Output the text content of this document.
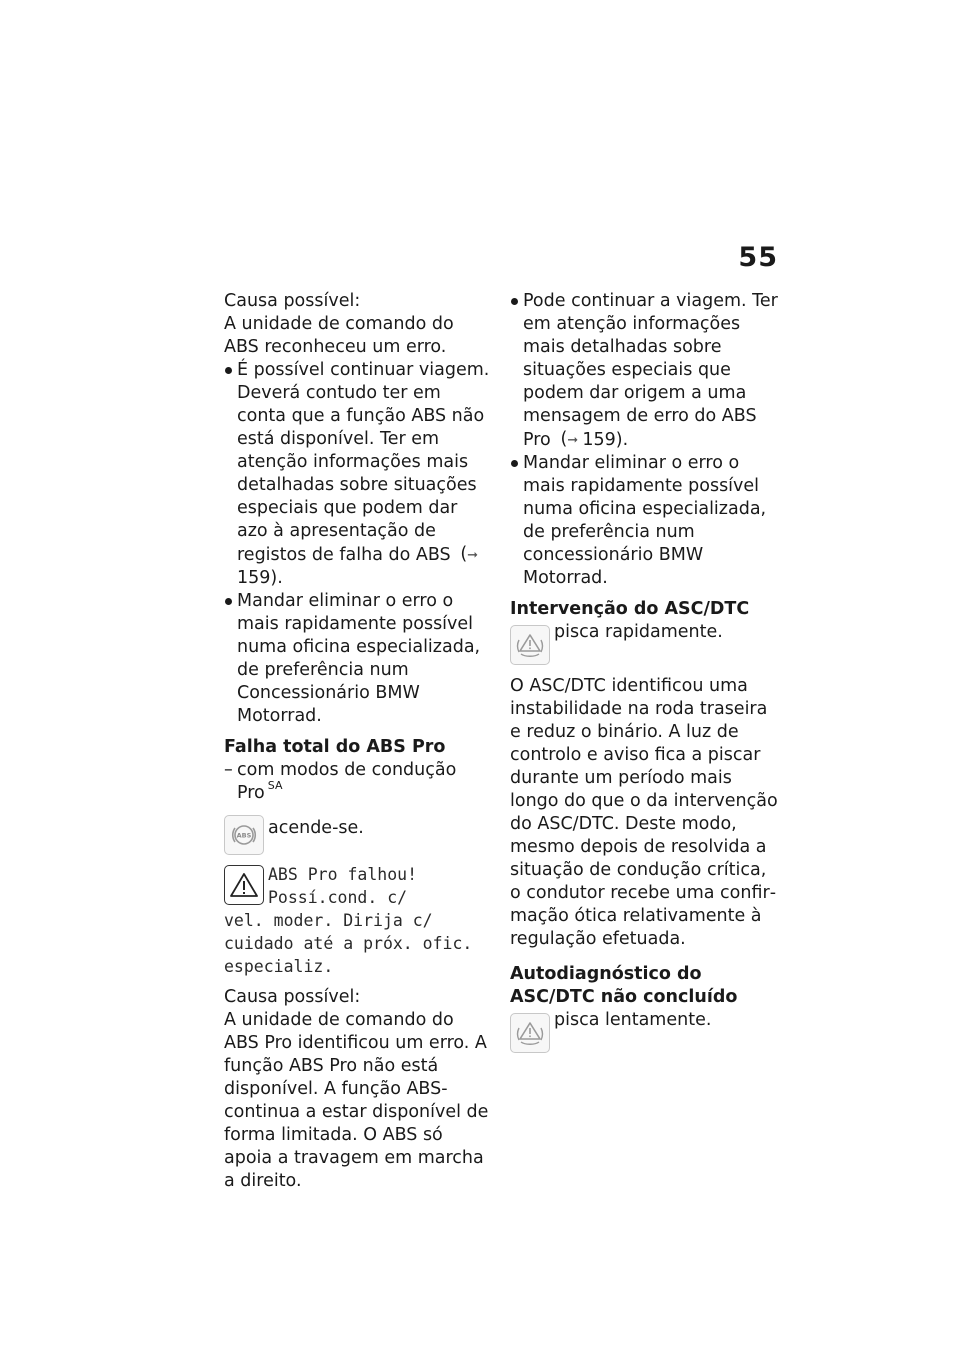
55

Causa possível:

A unidade de comando do ABS reconheceu um erro.

É possível continuar viagem. Deverá contudo ter em conta que a função ABS não está disponível. Ter em atenção informações mais detalhadas sobre situações especiais que podem dar azo à apresentação de registos de falha do ABS (➞159).
Mandar eliminar o erro o mais rapidamente possível numa oficina especializada, de preferência num Concessionário BMW Motorrad.
Falha total do ABS Pro
– com modos de condução Pro $^{SA}$
ABS acende-se.

ABS Pro falhou!
Possí.cond. c/
vel. moder. Dirija c/ cuidado até a próx. ofic. especializ.

Causa possível:

A unidade de comando do ABS Pro identificou um erro. A função ABS Pro não está disponível. A função ABS-continua a estar disponível de forma limitada. O ABS só apoia a travagem em marcha a direito.

Pode continuar a viagem. Ter em atenção informações mais detalhadas sobre situações especiais que podem dar origem a uma mensagem de erro do ABS Pro (➞ 159).
Mandar eliminar o erro o mais rapidamente possível numa oficina especializada, de preferência num concessionário BMW Motorrad.
Intervenção do ASC/DTC

pisca rapidamente.

O ASC/DTC identificou uma instabilidade na roda traseira e reduz o binário. A luz de controlo e aviso fica a piscar durante um período mais longo do que o da intervenção do ASC/DTC. Deste modo, mesmo depois de resolvida a situação de condução crítica, o condutor recebe uma confirmação ótica relativamente à regulação efetuada.

Autodiagnóstico do ASC/DTC não concluído

pisca lentamente.
